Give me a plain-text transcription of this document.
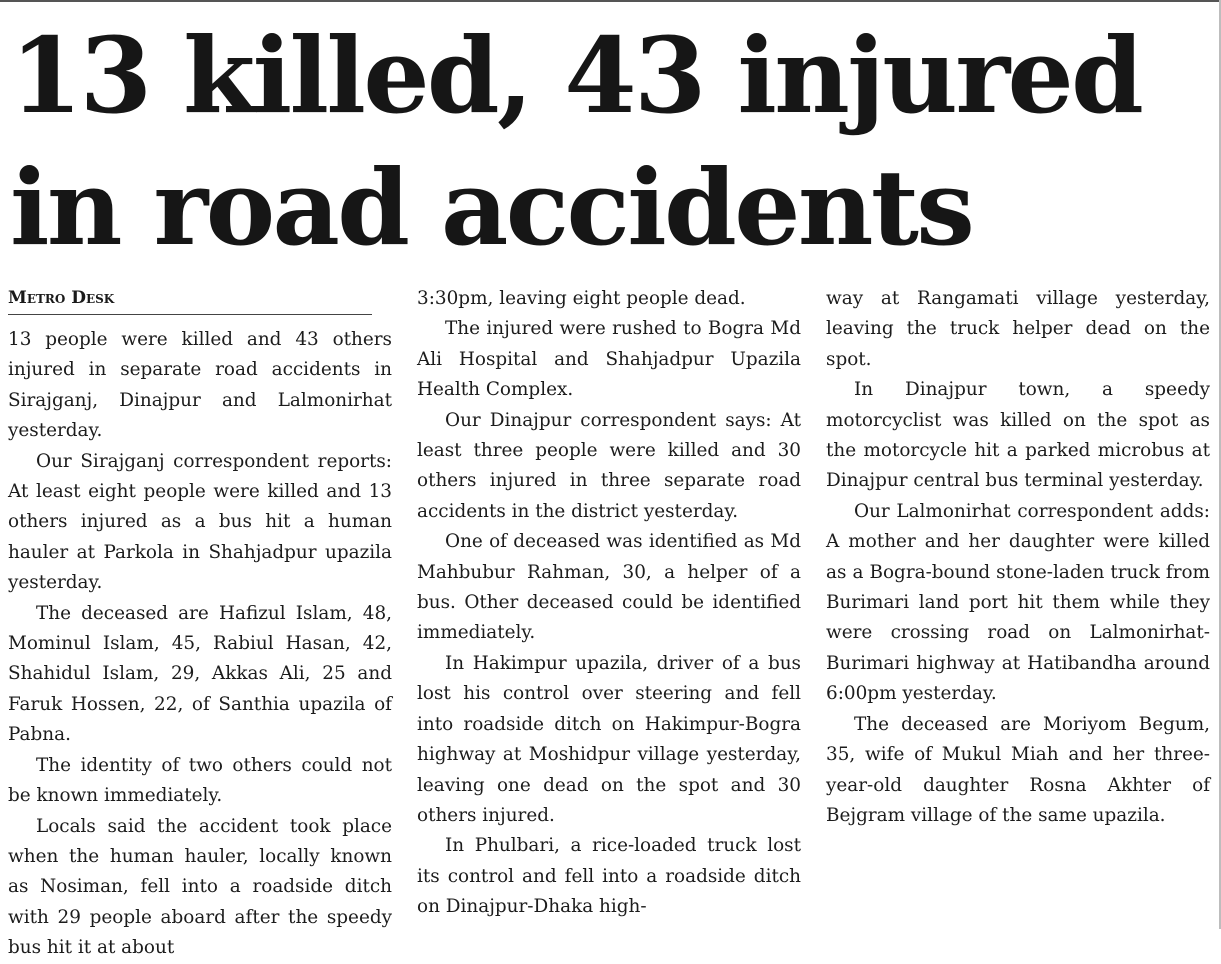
13 killed, 43 injured in road accidents
Metro Desk

13 people were killed and 43 others injured in separate road accidents in Sirajganj, Dinajpur and Lalmonirhat yesterday.

Our Sirajganj correspondent reports: At least eight people were killed and 13 others injured as a bus hit a human hauler at Parkola in Shahjadpur upazila yesterday.

The deceased are Hafizul Islam, 48, Mominul Islam, 45, Rabiul Hasan, 42, Shahidul Islam, 29, Akkas Ali, 25 and Faruk Hossen, 22, of Santhia upazila of Pabna.

The identity of two others could not be known immediately.

Locals said the accident took place when the human hauler, locally known as Nosiman, fell into a roadside ditch with 29 people aboard after the speedy bus hit it at about

3:30pm, leaving eight people dead.

The injured were rushed to Bogra Md Ali Hospital and Shahjadpur Upazila Health Complex.

Our Dinajpur correspondent says: At least three people were killed and 30 others injured in three separate road accidents in the district yesterday.

One of deceased was identified as Md Mahbubur Rahman, 30, a helper of a bus. Other deceased could be identified immediately.

In Hakimpur upazila, driver of a bus lost his control over steering and fell into roadside ditch on Hakimpur-Bogra highway at Moshidpur village yesterday, leaving one dead on the spot and 30 others injured.

In Phulbari, a rice-loaded truck lost its control and fell into a roadside ditch on Dinajpur-Dhaka high-

way at Rangamati village yesterday, leaving the truck helper dead on the spot.

In Dinajpur town, a speedy motorcyclist was killed on the spot as the motorcycle hit a parked microbus at Dinajpur central bus terminal yesterday.

Our Lalmonirhat correspondent adds: A mother and her daughter were killed as a Bogra-bound stone-laden truck from Burimari land port hit them while they were crossing road on Lalmonirhat-Burimari highway at Hatibandha around 6:00pm yesterday.

The deceased are Moriyom Begum, 35, wife of Mukul Miah and her three-year-old daughter Rosna Akhter of Bejgram village of the same upazila.
